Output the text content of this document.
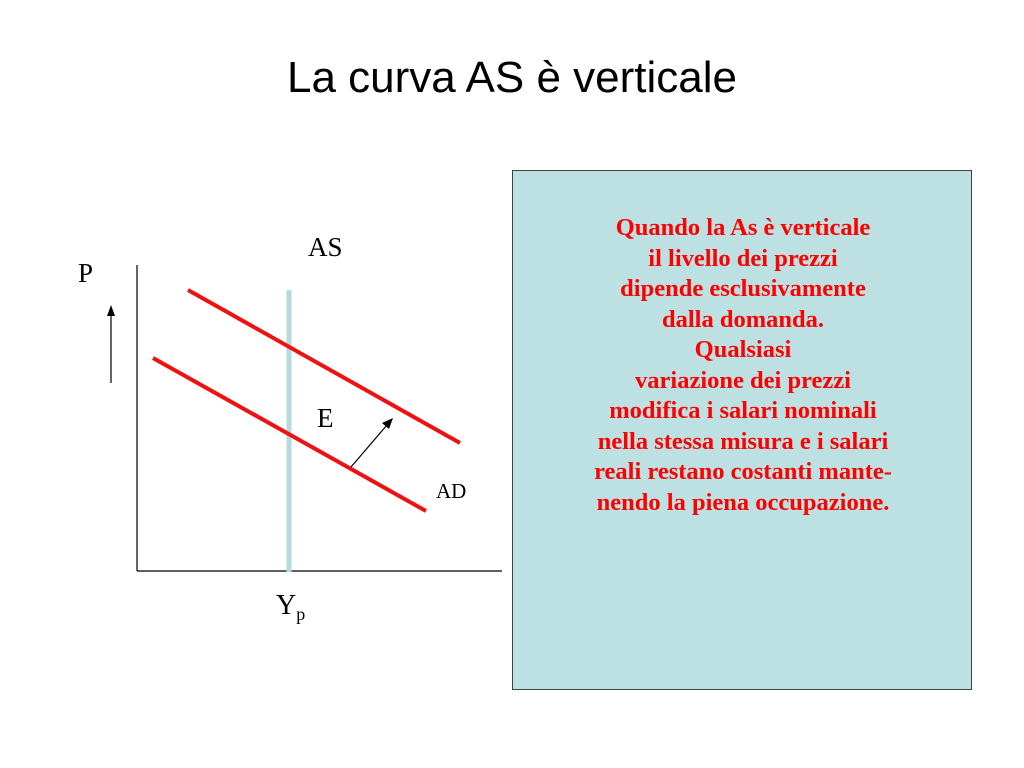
La curva AS è verticale
AS
P
E
AD
$Y_p$
Quando la As è verticale
il livello dei prezzi
dipende esclusivamente
dalla domanda.
Qualsiasi
variazione dei prezzi
modifica i salari nominali
nella stessa misura e i salari
reali restano costanti mante-
nendo la piena occupazione.
